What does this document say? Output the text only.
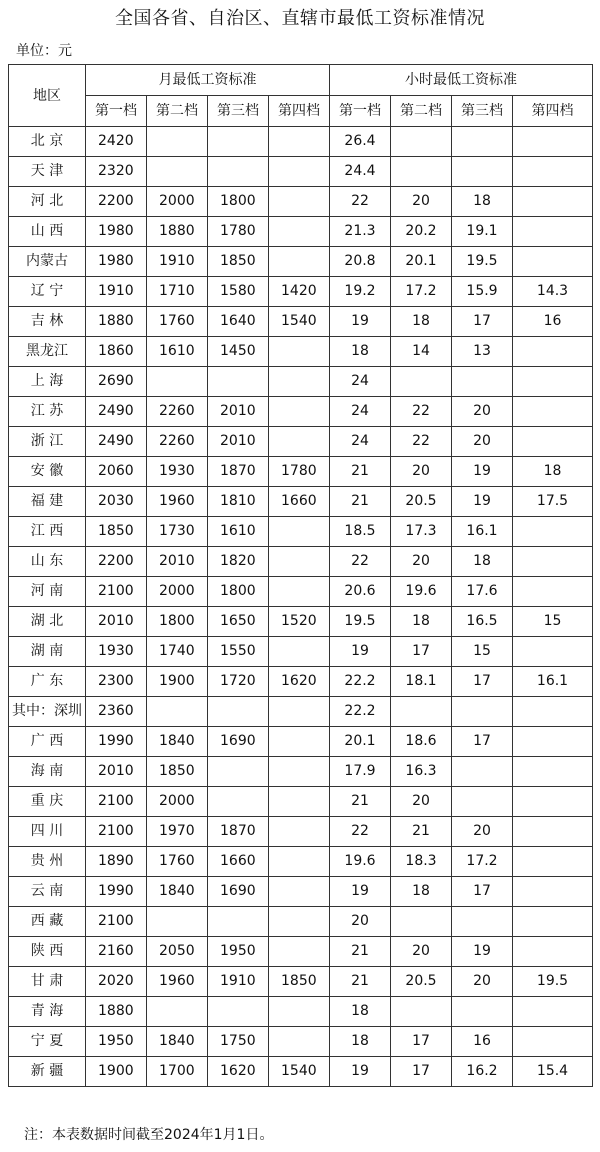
全国各省、自治区、直辖市最低工资标准情况
单位：元
地区	月最低工资标准				小时最低工资标准			
	第一档	第二档	第三档	第四档	第一档	第二档	第三档	第四档
北 京	2420				26.4			
天 津	2320				24.4			
河 北	2200	2000	1800		22	20	18	
山 西	1980	1880	1780		21.3	20.2	19.1	
内蒙古	1980	1910	1850		20.8	20.1	19.5	
辽 宁	1910	1710	1580	1420	19.2	17.2	15.9	14.3
吉 林	1880	1760	1640	1540	19	18	17	16
黑龙江	1860	1610	1450		18	14	13	
上 海	2690				24			
江 苏	2490	2260	2010		24	22	20	
浙 江	2490	2260	2010		24	22	20	
安 徽	2060	1930	1870	1780	21	20	19	18
福 建	2030	1960	1810	1660	21	20.5	19	17.5
江 西	1850	1730	1610		18.5	17.3	16.1	
山 东	2200	2010	1820		22	20	18	
河 南	2100	2000	1800		20.6	19.6	17.6	
湖 北	2010	1800	1650	1520	19.5	18	16.5	15
湖 南	1930	1740	1550		19	17	15	
广 东	2300	1900	1720	1620	22.2	18.1	17	16.1
其中：深圳	2360				22.2			
广 西	1990	1840	1690		20.1	18.6	17	
海 南	2010	1850			17.9	16.3		
重 庆	2100	2000			21	20		
四 川	2100	1970	1870		22	21	20	
贵 州	1890	1760	1660		19.6	18.3	17.2	
云 南	1990	1840	1690		19	18	17	
西 藏	2100				20			
陕 西	2160	2050	1950		21	20	19	
甘 肃	2020	1960	1910	1850	21	20.5	20	19.5
青 海	1880				18			
宁 夏	1950	1840	1750		18	17	16	
新 疆	1900	1700	1620	1540	19	17	16.2	15.4
注：本表数据时间截至2024年1月1日。
